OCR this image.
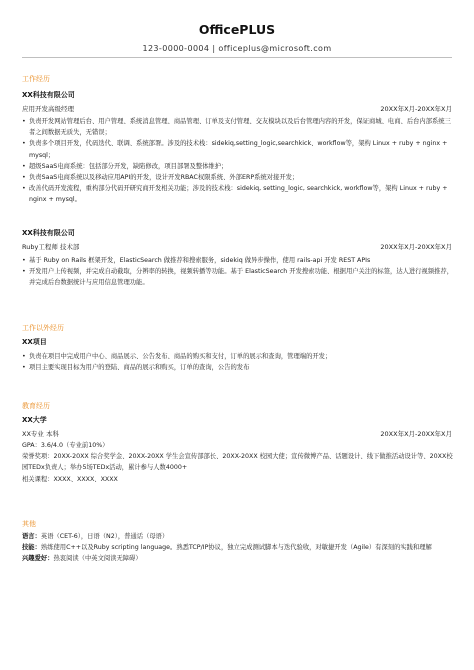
OfficePLUS
123-0000-0004 | officeplus@microsoft.com
工作经历
XX科技有限公司
应用开发高级经理	20XX年X月-20XX年X月
• 负责开发网站管理后台、用户管理、系统消息管理、商品管理、订单及支付管理、交友模块以及后台管理内容的开发，保证商城、电商、后台内部系统三者之间数据无质失，无错误；
• 负责多个项目开发，代码迭代、联调、系统部署。涉及的技术栈：sidekiq,setting_logic,searchkick、workflow等，架构 Linux + ruby + nginx + mysql；
• 超级SaaS电商系统：包括部分开发，缺陷修改，项目部署及整体维护；
• 负责SaaS电商系统以及移动应用API的开发，设计开发RBAC权限系统、外部ERP系统对接开发；
• 改善代码开发流程，重构部分代码开研究商开发相关功能；涉及的技术栈：sidekiq, setting_logic, searchkick, workflow等，架构 Linux + ruby + nginx + mysql。
XX科技有限公司
Ruby工程师 技术部	20XX年X月-20XX年X月
• 基于 Ruby on Rails 框架开发，ElasticSearch 做推荐和搜索服务，sidekiq 做异步操作，使用 rails-api 开发 REST APIs
• 开发用户上传视频，并完成自动截取，分辨率的转换，视频转播等功能。基于 ElasticSearch 开发搜索功能、根据用户关注的标签，达人进行视频推荐，并完成后台数据统计与应用信息管理功能。
工作以外经历
XX项目
• 负责在项目中完成用户中心、商品展示、公告发布、商品的购买和支付，订单的展示和查询，管理端的开发；
• 项目主要实现目标为用户的登陆、商品的展示和购买，订单的查询，公告的发布
教育经历
XX大学
XX专业 本科	20XX年X月-20XX年X月
GPA：3.6/4.0（专业前10%）
荣誉奖项：20XX-20XX 综合奖学金、20XX-20XX 学生会宣传部部长、20XX-20XX 校园大使；宣传微博产品、话题设计、线下做推活动设计等、20XX校园TEDx负责人；举办5场TEDx活动，累计参与人数4000+
相关课程：XXXX、XXXX、XXXX
其他
语言：英语（CET-6），日语（N2），普通话（母语）
技能：熟练使用C++以及Ruby scripting language。熟悉TCP/IP协议，独立完成测试脚本与迭代验收，对敏捷开发（Agile）有深刻的实践和理解
兴趣爱好：热衷阅读（中英文阅读无障碍）
